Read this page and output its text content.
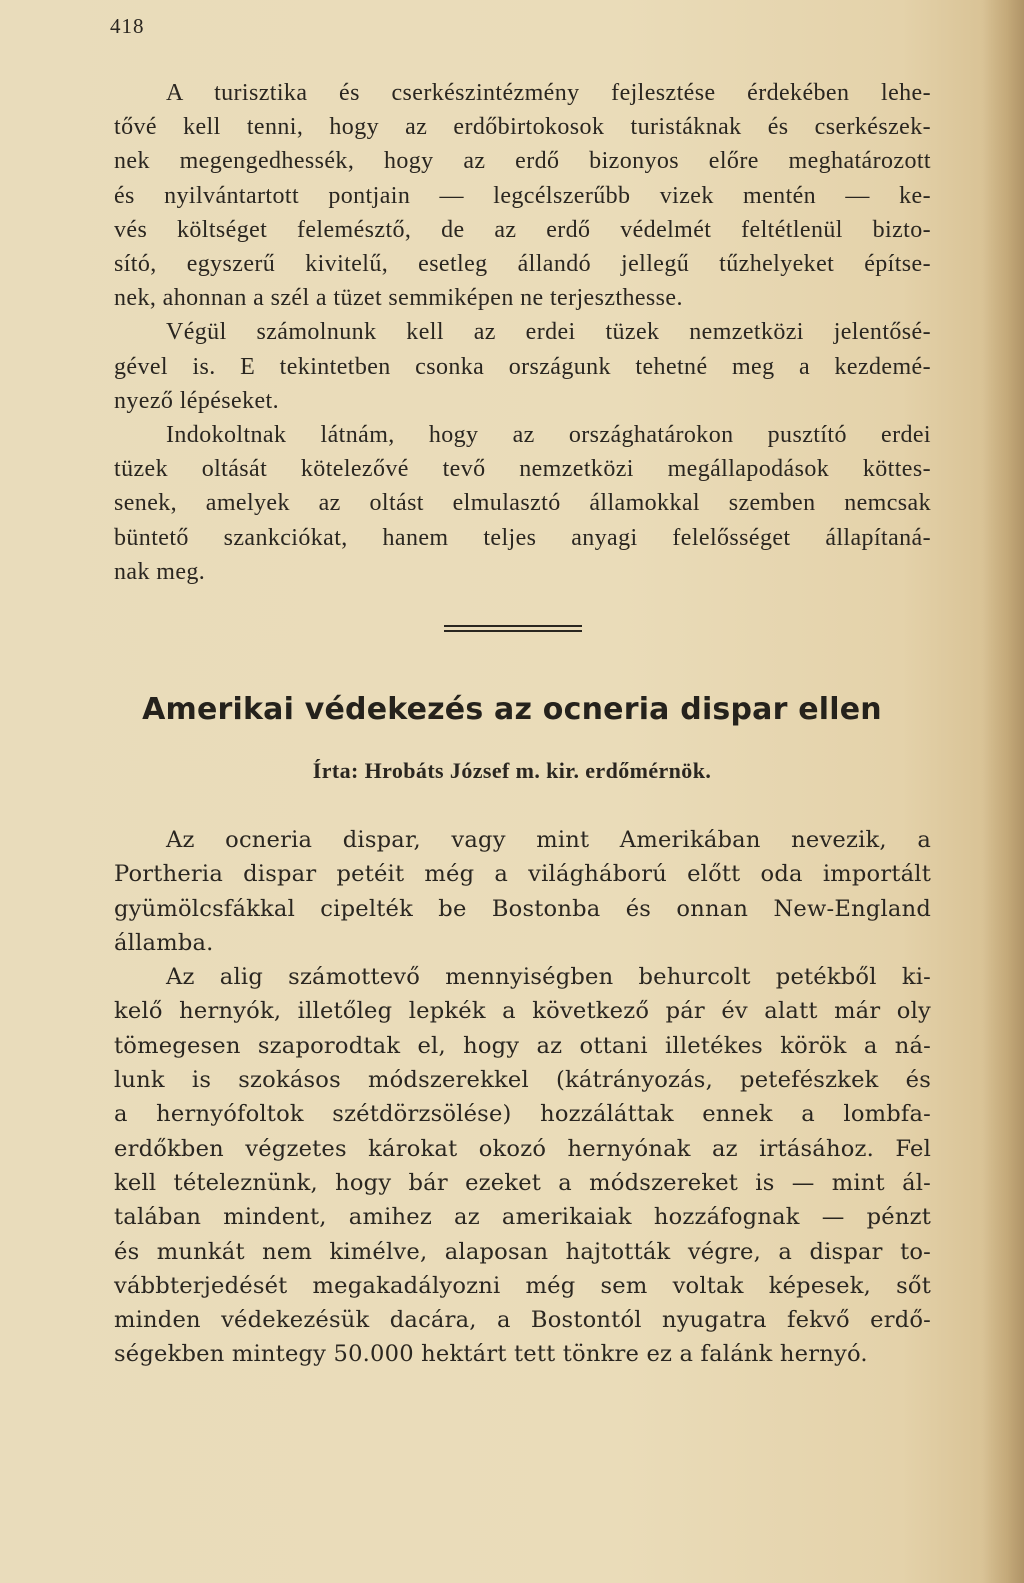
418
A turisztika és cserkészintézmény fejlesztése érdekében lehe-
tővé kell tenni, hogy az erdőbirtokosok turistáknak és cserkészek-
nek megengedhessék, hogy az erdő bizonyos előre meghatározott
és nyilvántartott pontjain — legcélszerűbb vizek mentén — ke-
vés költséget felemésztő, de az erdő védelmét feltétlenül bizto-
sító, egyszerű kivitelű, esetleg állandó jellegű tűzhelyeket építse-
nek, ahonnan a szél a tüzet semmiképen ne terjeszthesse.
Végül számolnunk kell az erdei tüzek nemzetközi jelentősé-
gével is. E tekintetben csonka országunk tehetné meg a kezdemé-
nyező lépéseket.
Indokoltnak látnám, hogy az országhatárokon pusztító erdei
tüzek oltását kötelezővé tevő nemzetközi megállapodások köttes-
senek, amelyek az oltást elmulasztó államokkal szemben nemcsak
büntető szankciókat, hanem teljes anyagi felelősséget állapítaná-
nak meg.
Amerikai védekezés az ocneria dispar ellen
Írta: Hrobáts József m. kir. erdőmérnök.
Az ocneria dispar, vagy mint Amerikában nevezik, a
Portheria dispar petéit még a világháború előtt oda importált
gyümölcsfákkal cipelték be Bostonba és onnan New-England
államba.
Az alig számottevő mennyiségben behurcolt petékből ki-
kelő hernyók, illetőleg lepkék a következő pár év alatt már oly
tömegesen szaporodtak el, hogy az ottani illetékes körök a ná-
lunk is szokásos módszerekkel (kátrányozás, petefészkek és
a hernyófoltok szétdörzsölése) hozzáláttak ennek a lombfa-
erdőkben végzetes károkat okozó hernyónak az irtásához. Fel
kell tételeznünk, hogy bár ezeket a módszereket is — mint ál-
talában mindent, amihez az amerikaiak hozzáfognak — pénzt
és munkát nem kimélve, alaposan hajtották végre, a dispar to-
vábbterjedését megakadályozni még sem voltak képesek, sőt
minden védekezésük dacára, a Bostontól nyugatra fekvő erdő-
ségekben mintegy 50.000 hektárt tett tönkre ez a falánk hernyó.
